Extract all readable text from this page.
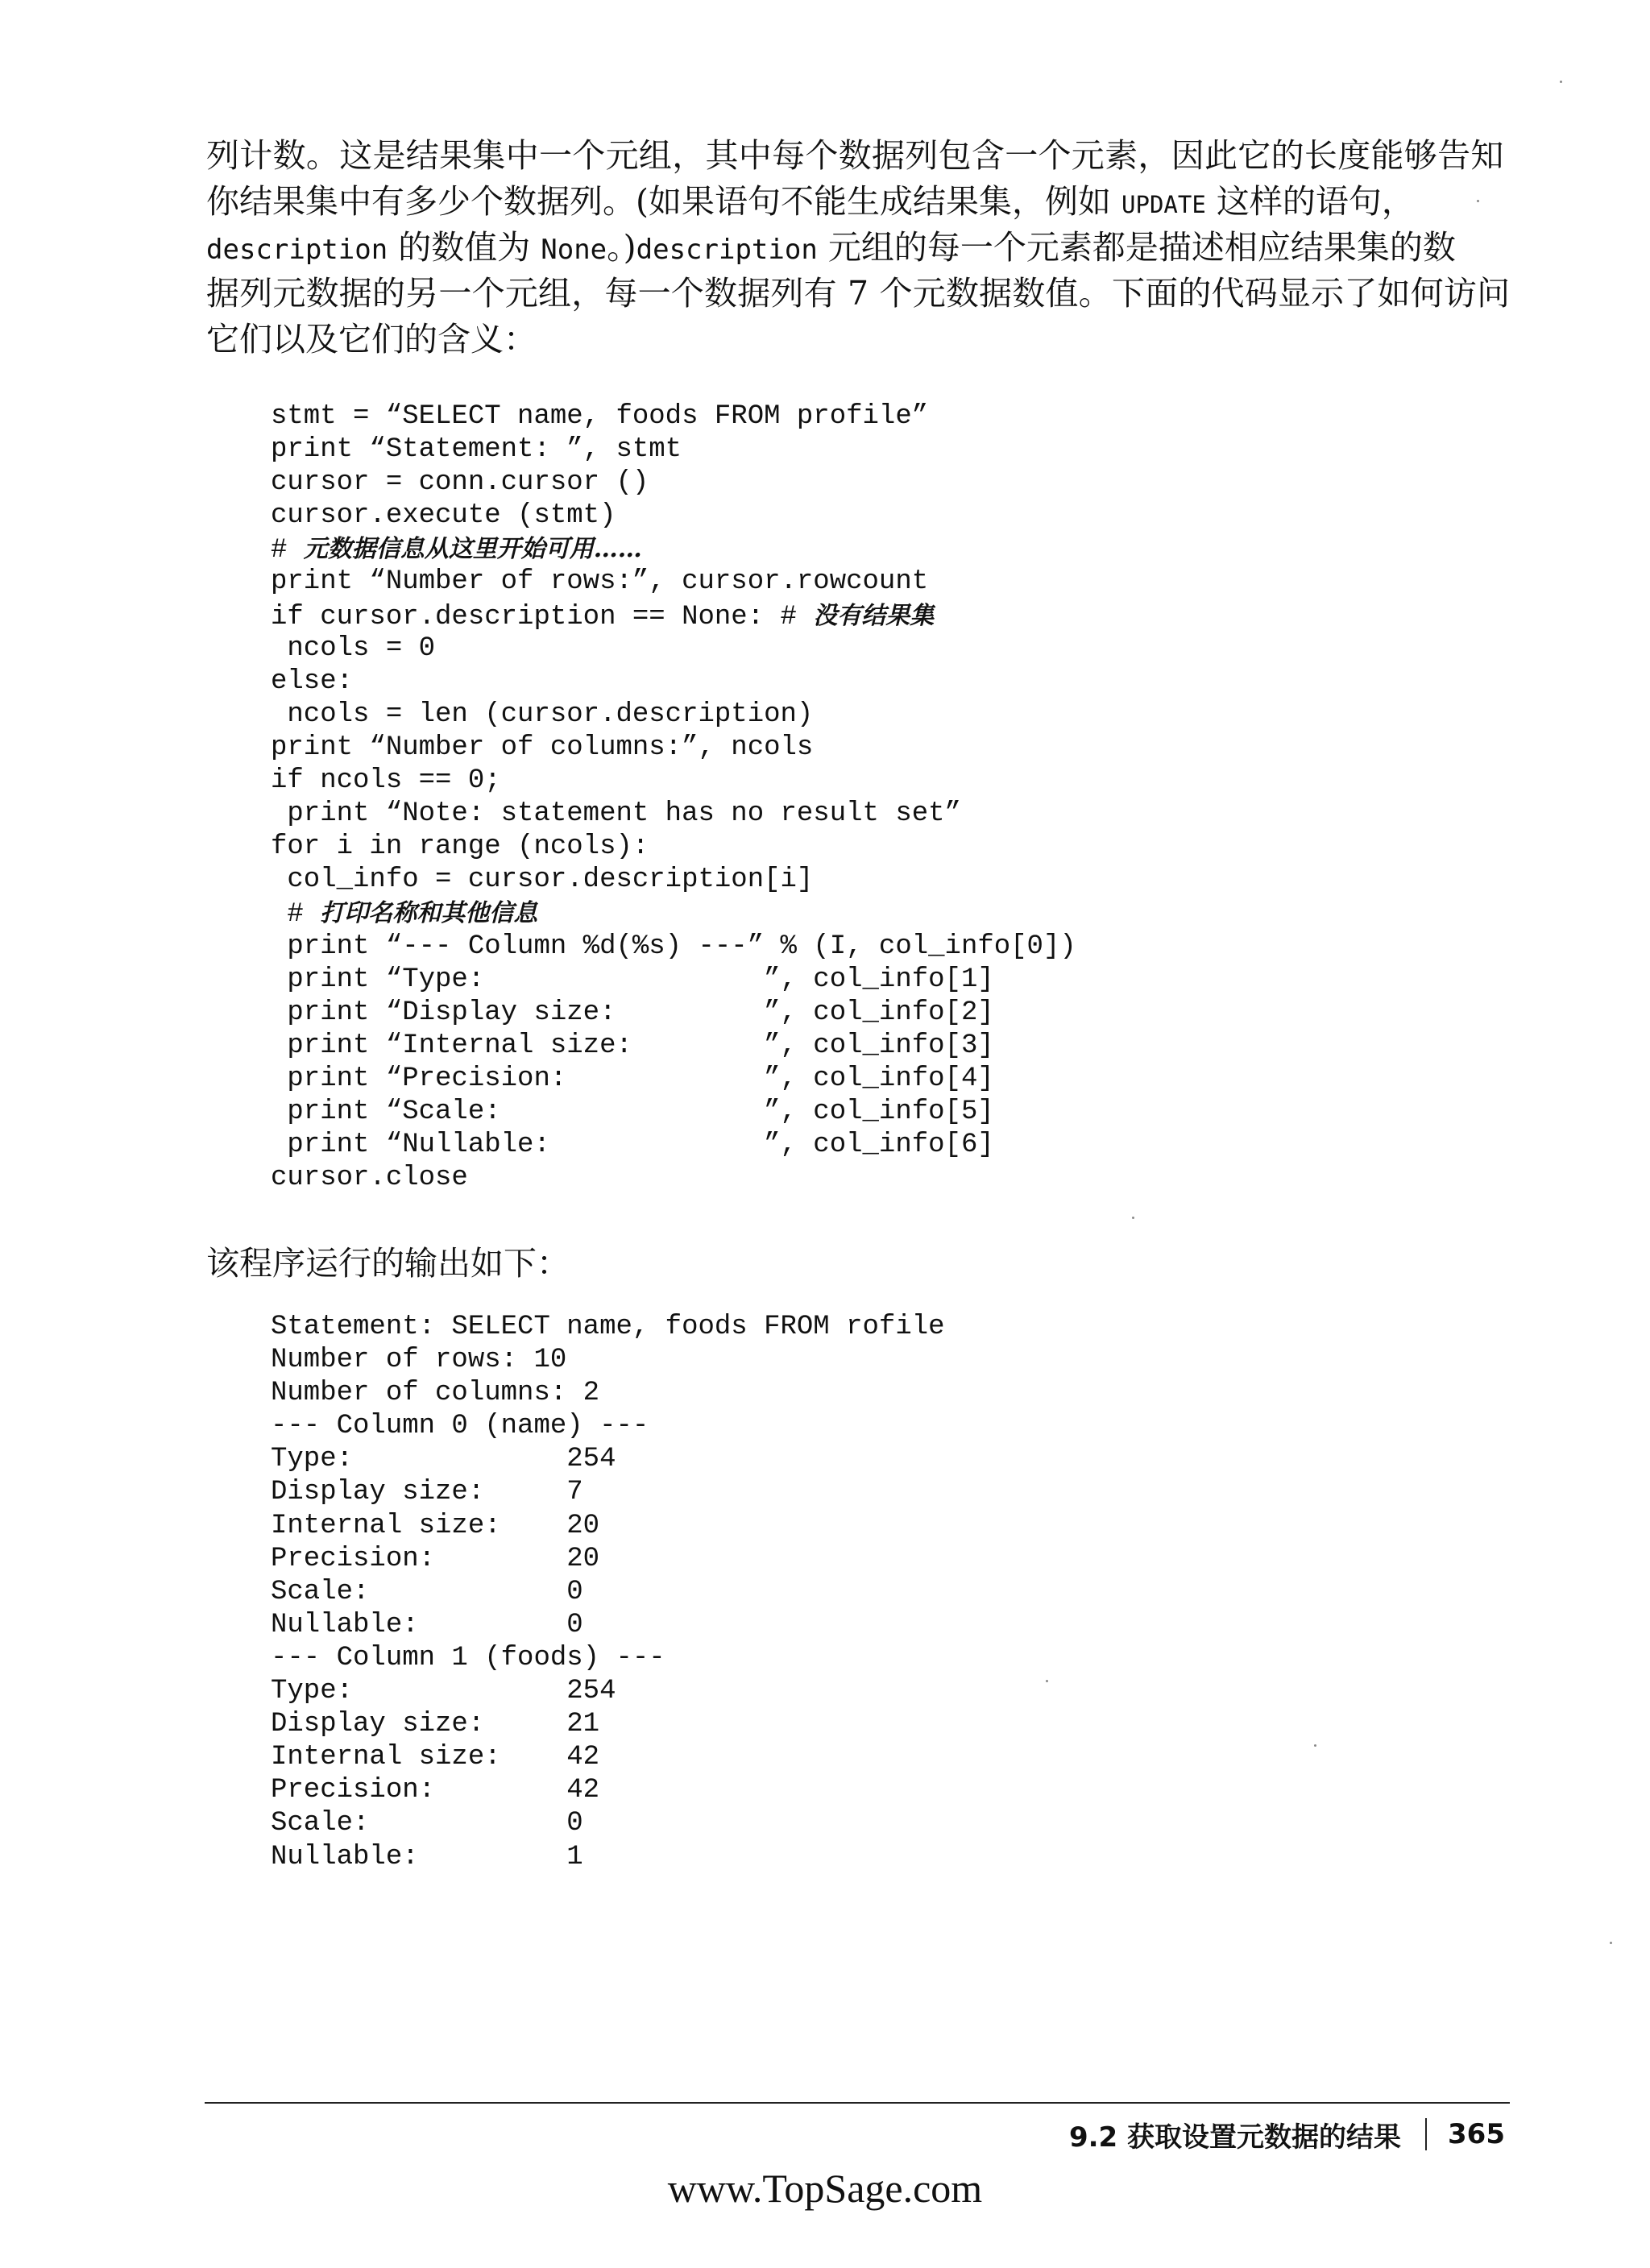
列计数。这是结果集中一个元组，其中每个数据列包含一个元素，因此它的长度能够告知
你结果集中有多少个数据列。(如果语句不能生成结果集，例如 UPDATE 这样的语句，
description 的数值为 None。)description 元组的每一个元素都是描述相应结果集的数
据列元数据的另一个元组，每一个数据列有 7 个元数据数值。下面的代码显示了如何访问
它们以及它们的含义：
stmt = “SELECT name, foods FROM profile”
print “Statement: ”, stmt
cursor = conn.cursor ()
cursor.execute (stmt)
# 元数据信息从这里开始可用……
print “Number of rows:”, cursor.rowcount
if cursor.description == None: # 没有结果集
ncols = 0
else:
ncols = len (cursor.description)
print “Number of columns:”, ncols
if ncols == 0;
print “Note: statement has no result set”
for i in range (ncols):
col_info = cursor.description[i]
# 打印名称和其他信息
print “--- Column %d(%s) ---” % (I, col_info[0])
print “Type:                 ”, col_info[1]
print “Display size:         ”, col_info[2]
print “Internal size:        ”, col_info[3]
print “Precision:            ”, col_info[4]
print “Scale:                ”, col_info[5]
print “Nullable:             ”, col_info[6]
cursor.close
该程序运行的输出如下：
Statement: SELECT name, foods FROM rofile
Number of rows: 10
Number of columns: 2
--- Column 0 (name) ---
Type:             254
Display size:     7
Internal size:    20
Precision:        20
Scale:            0
Nullable:         0
--- Column 1 (foods) ---
Type:             254
Display size:     21
Internal size:    42
Precision:        42
Scale:            0
Nullable:         1
9.2 获取设置元数据的结果 365
www.TopSage.com
